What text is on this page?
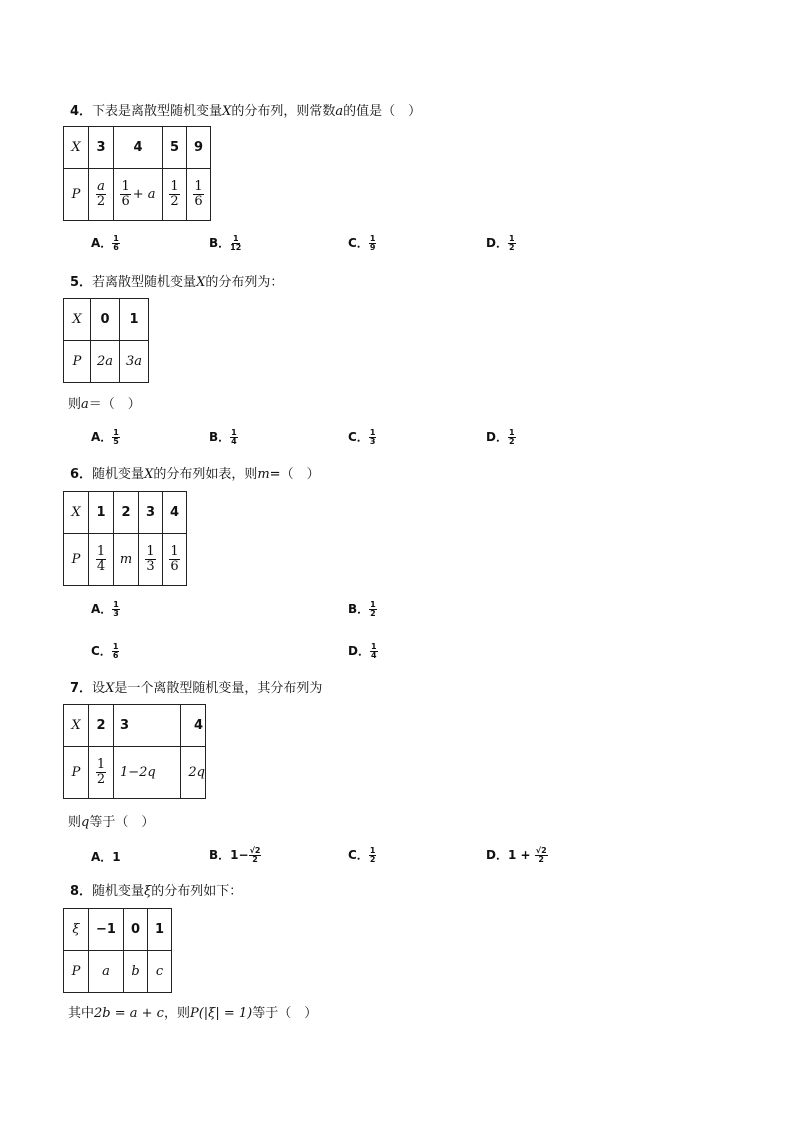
4．下表是离散型随机变量X的分布列，则常数a的值是（　）
X	3	4	5	9
P	$\frac{a}{2}$	$\frac{1}{6} + a$	$\frac{1}{2}$	$\frac{1}{6}$
A． $\frac{1}{6}$	B． $\frac{1}{12}$	C． $\frac{1}{9}$	D． $\frac{1}{2}$
5．若离散型随机变量X的分布列为：
X	0	1
P	2a	3a
则a＝（　）
A． $\frac{1}{5}$	B． $\frac{1}{4}$	C． $\frac{1}{3}$	D． $\frac{1}{2}$
6．随机变量X的分布列如表，则m=（　）
X	1	2	3	4
P	$\frac{1}{4}$	m	$\frac{1}{3}$	$\frac{1}{6}$
A． $\frac{1}{3}$	B． $\frac{1}{2}$
C． $\frac{1}{6}$	D． $\frac{1}{4}$
7．设X是一个离散型随机变量，其分布列为
X	2	3	4
P	$\frac{1}{2}$	1−2q	2q
则q等于（　）
A．1	B．$1- \frac{√2}{2}$	C． $\frac{1}{2}$	D．$1 + \frac{√2}{2}$
8．随机变量ξ的分布列如下：
ξ	−1	0	1
P	a	b	c
其中2b = a + c，则P(|ξ| = 1)等于（　）
